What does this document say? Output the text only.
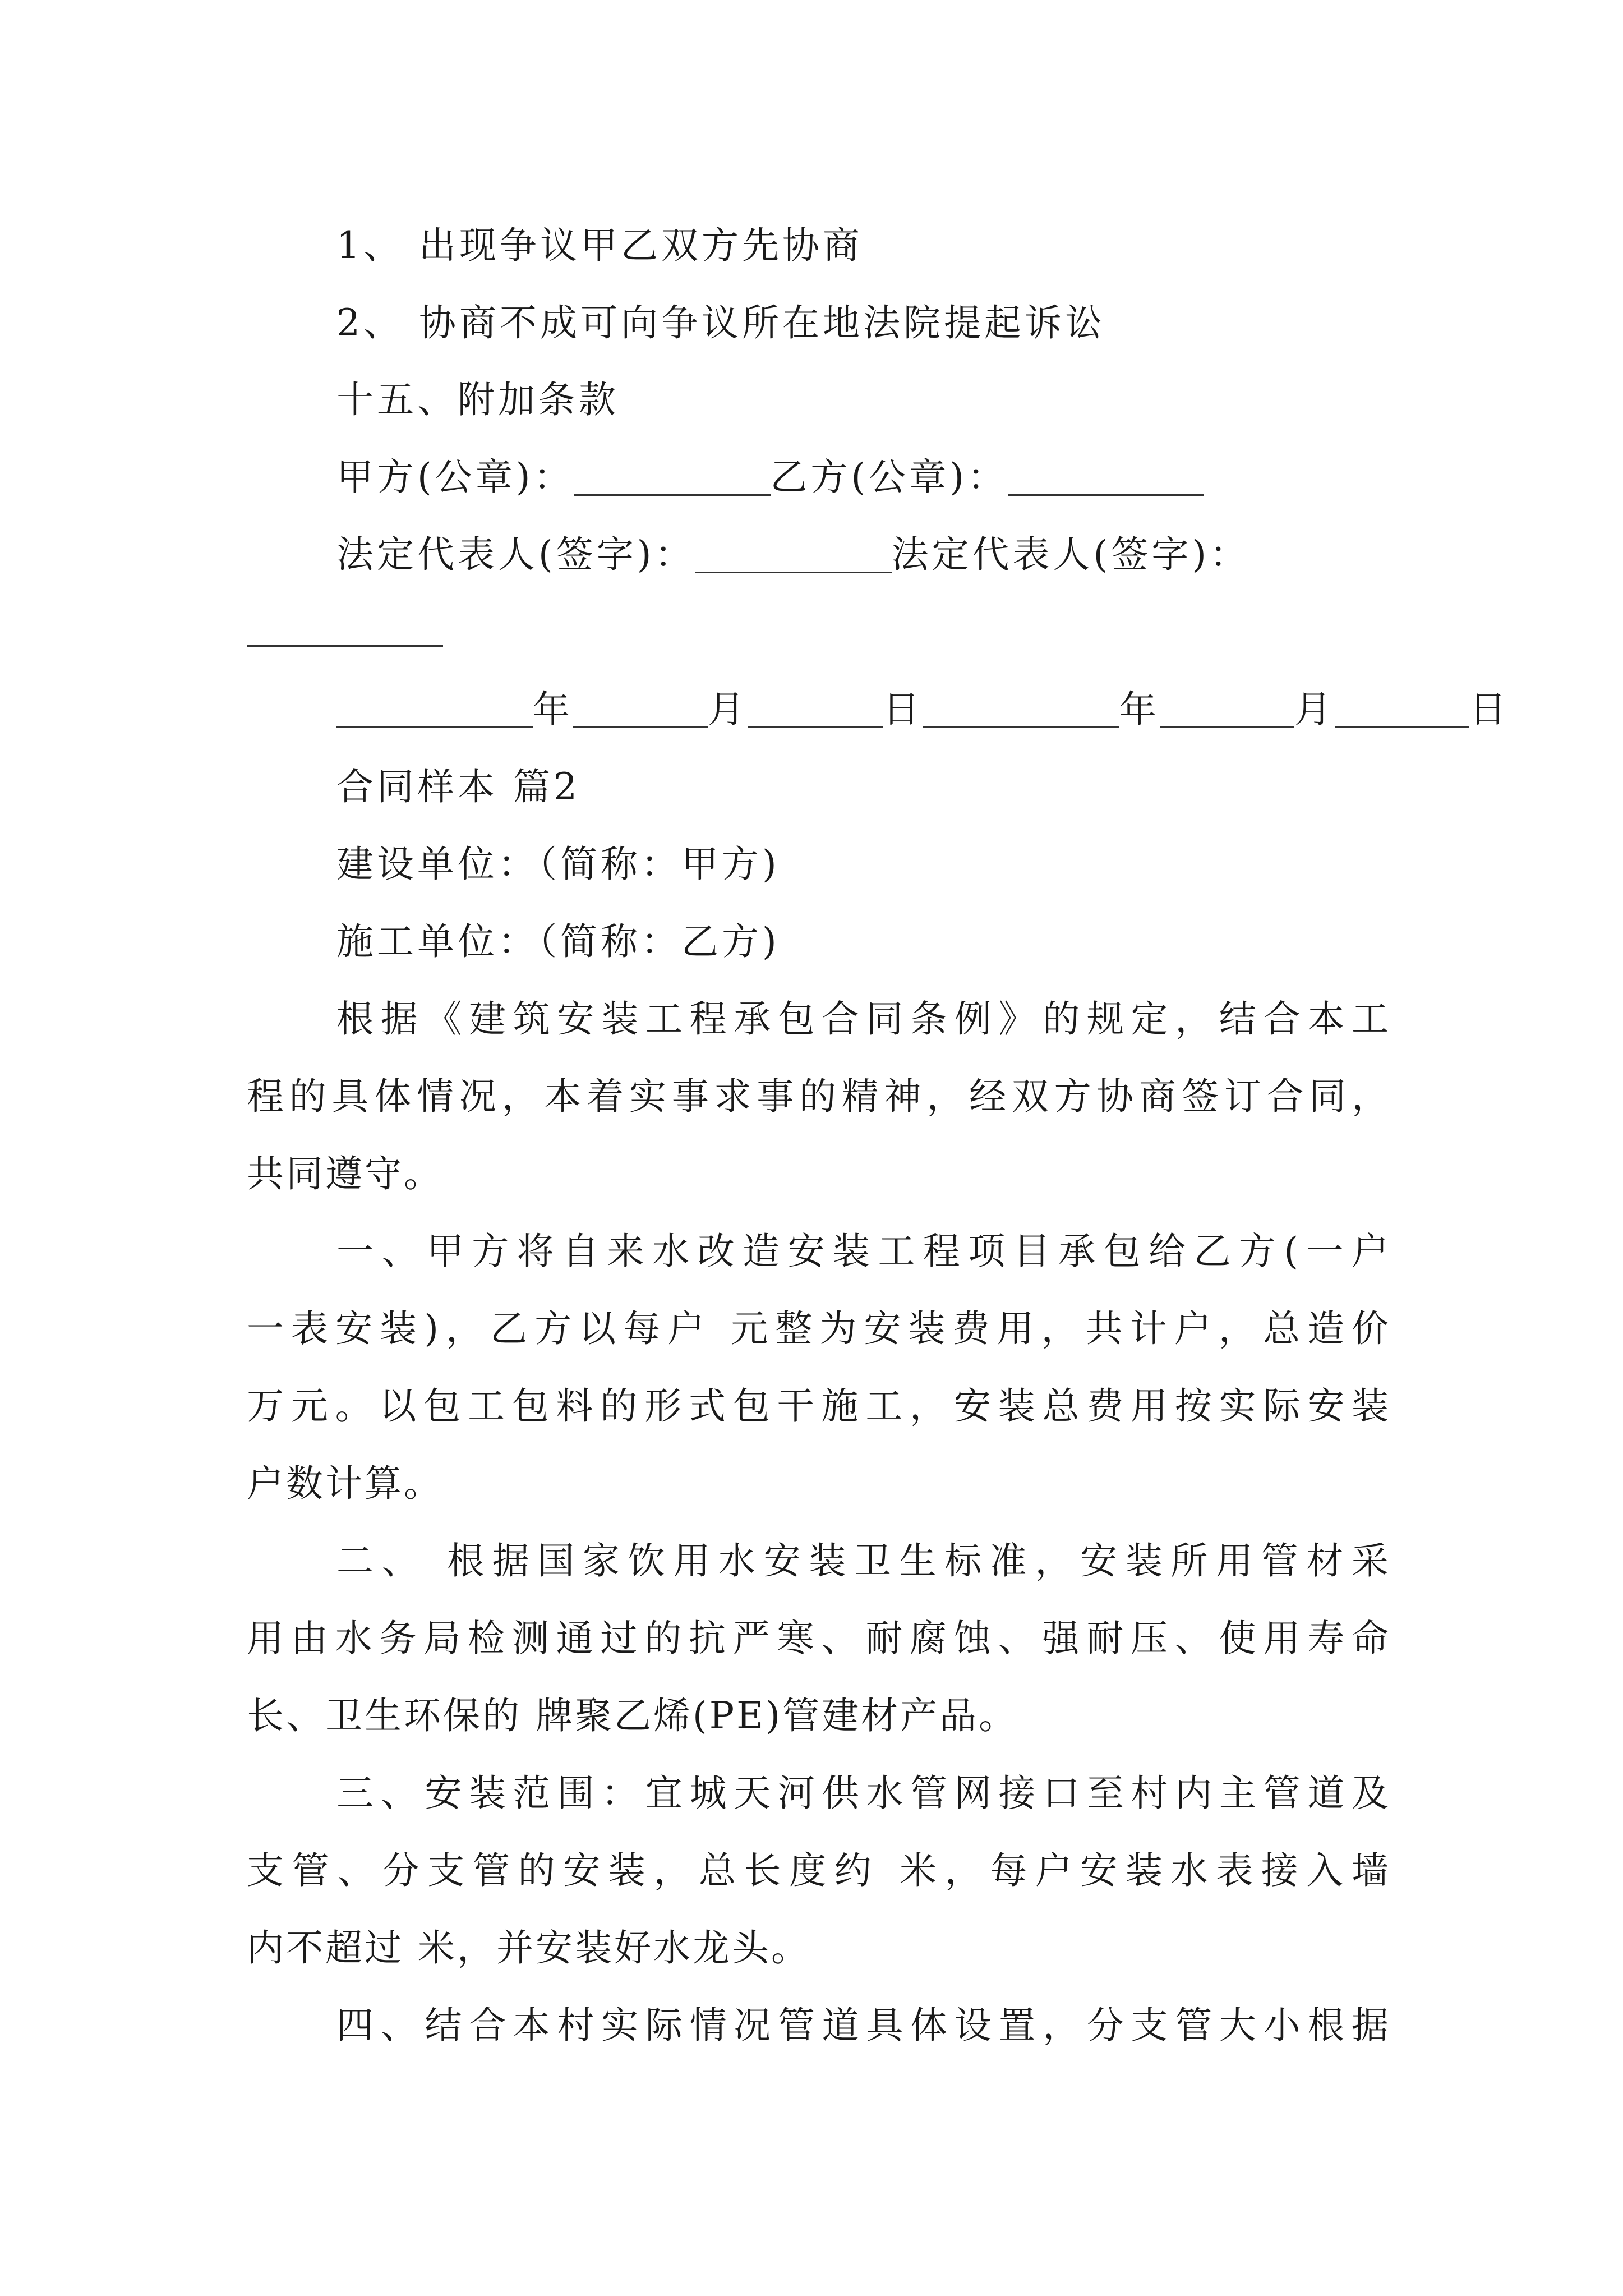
1、 出现争议甲乙双方先协商
2、 协商不成可向争议所在地法院提起诉讼
十五、附加条款
甲方(公章)：	乙方(公章)：
法定代表人(签字)：	法定代表人(签字)：
年	月	日	年	月	日
合同样本 篇2
建设单位：（简称：甲方)
施工单位：（简称：乙方)
根据《建筑安装工程承包合同条例》的规定，结合本工
程的具体情况，本着实事求事的精神，经双方协商签订合同，
共同遵守。
一、甲方将自来水改造安装工程项目承包给乙方(一户
一表安装)，乙方以每户 元整为安装费用，共计户，总造价
万元。以包工包料的形式包干施工，安装总费用按实际安装
户数计算。
二、 根据国家饮用水安装卫生标准，安装所用管材采
用由水务局检测通过的抗严寒、耐腐蚀、强耐压、使用寿命
长、卫生环保的 牌聚乙烯(PE)管建材产品。
三、安装范围：宜城天河供水管网接口至村内主管道及
支管、分支管的安装，总长度约 米，每户安装水表接入墙
内不超过 米，并安装好水龙头。
四、结合本村实际情况管道具体设置，分支管大小根据
